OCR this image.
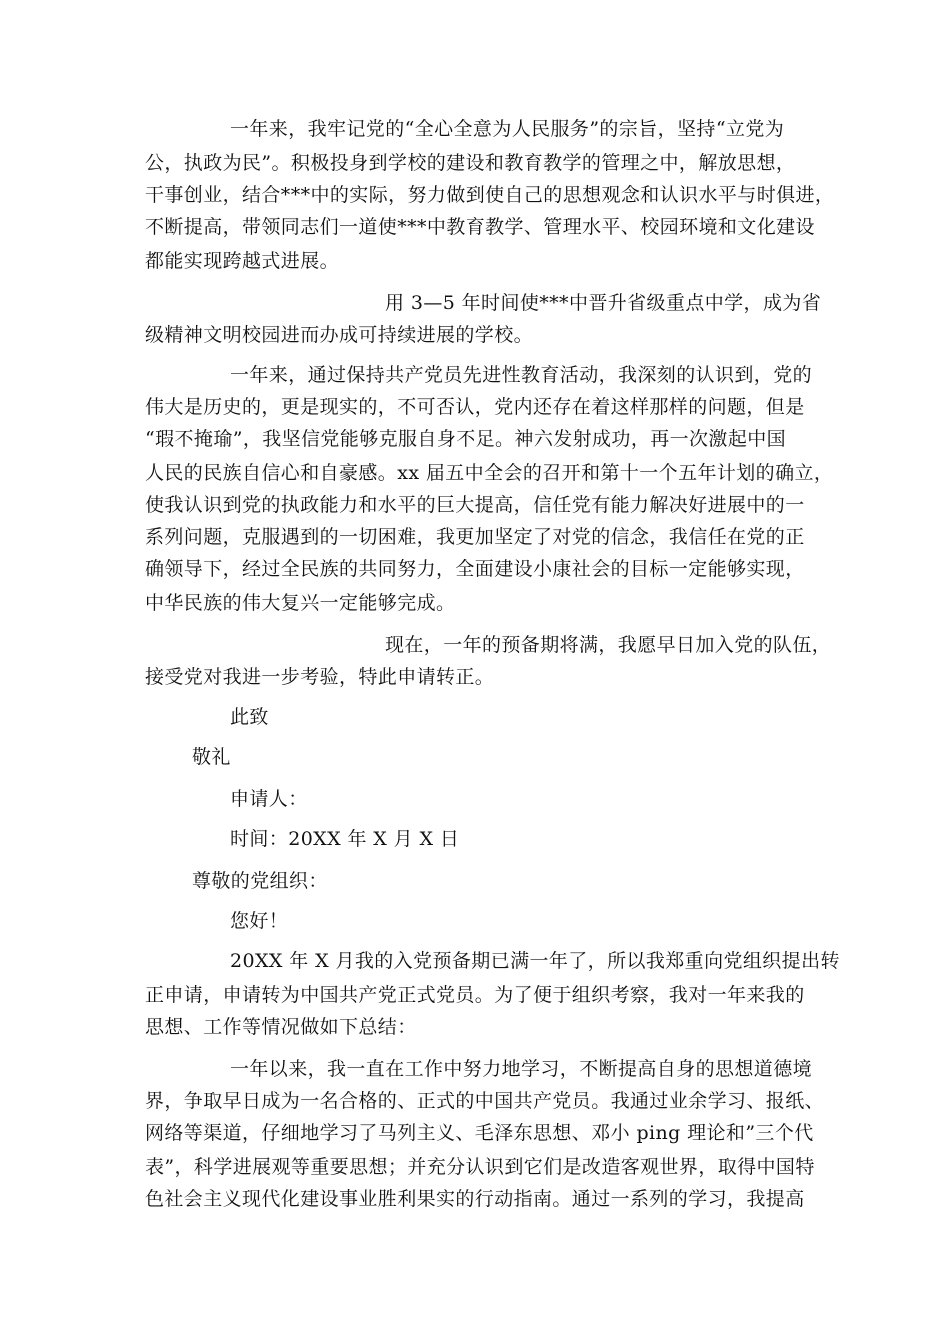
一年来，我牢记党的“全心全意为人民服务”的宗旨，坚持“立党为
公，执政为民”。积极投身到学校的建设和教育教学的管理之中，解放思想，
干事创业，结合***中的实际，努力做到使自己的思想观念和认识水平与时俱进，
不断提高，带领同志们一道使***中教育教学、管理水平、校园环境和文化建设
都能实现跨越式进展。
用 3—5 年时间使***中晋升省级重点中学，成为省
级精神文明校园进而办成可持续进展的学校。
一年来，通过保持共产党员先进性教育活动，我深刻的认识到，党的
伟大是历史的，更是现实的，不可否认，党内还存在着这样那样的问题，但是
“瑕不掩瑜”，我坚信党能够克服自身不足。神六发射成功，再一次激起中国
人民的民族自信心和自豪感。xx 届五中全会的召开和第十一个五年计划的确立，
使我认识到党的执政能力和水平的巨大提高，信任党有能力解决好进展中的一
系列问题，克服遇到的一切困难，我更加坚定了对党的信念，我信任在党的正
确领导下，经过全民族的共同努力，全面建设小康社会的目标一定能够实现，
中华民族的伟大复兴一定能够完成。
现在，一年的预备期将满，我愿早日加入党的队伍，
接受党对我进一步考验，特此申请转正。
此致
敬礼
申请人：
时间：20XX 年 X 月 X 日
尊敬的党组织：
您好！
20XX 年 X 月我的入党预备期已满一年了，所以我郑重向党组织提出转
正申请，申请转为中国共产党正式党员。为了便于组织考察，我对一年来我的
思想、工作等情况做如下总结：
一年以来，我一直在工作中努力地学习，不断提高自身的思想道德境
界，争取早日成为一名合格的、正式的中国共产党员。我通过业余学习、报纸、
网络等渠道，仔细地学习了马列主义、毛泽东思想、邓小 ping 理论和”三个代
表”，科学进展观等重要思想；并充分认识到它们是改造客观世界，取得中国特
色社会主义现代化建设事业胜利果实的行动指南。通过一系列的学习，我提高
